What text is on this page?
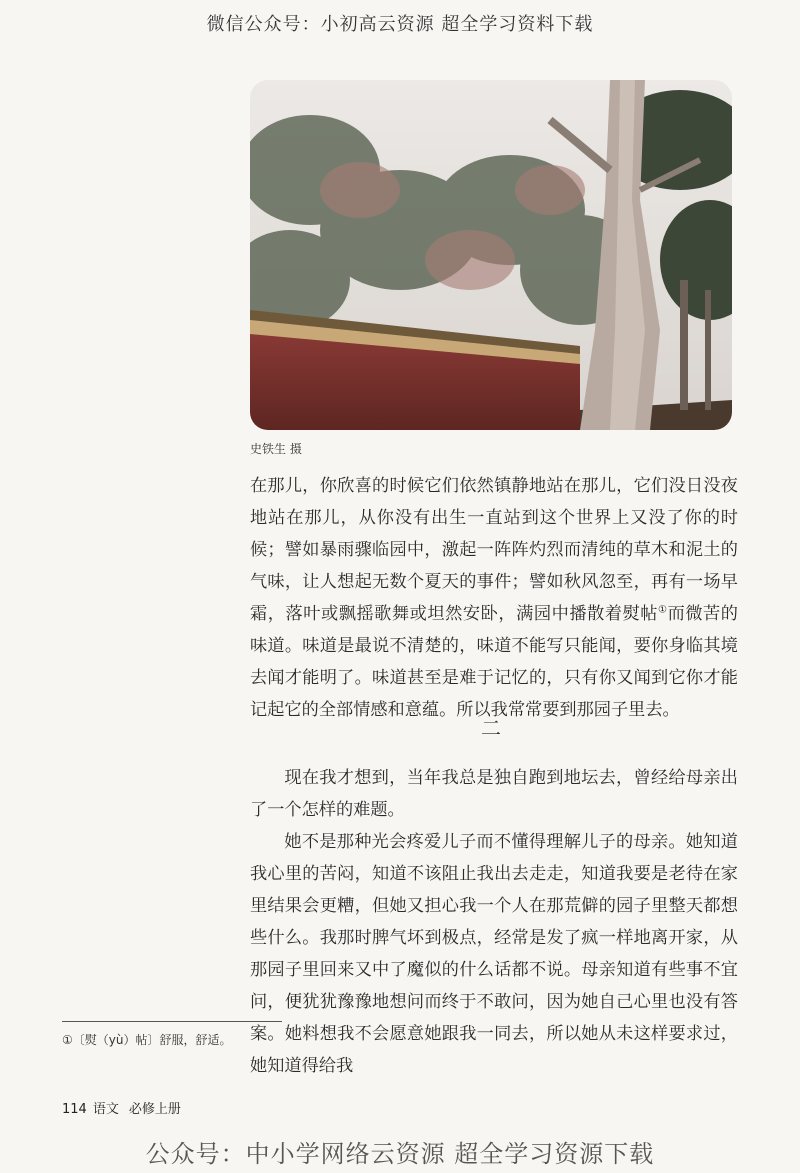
微信公众号：小初高云资源 超全学习资料下载
史铁生 摄

在那儿，你欣喜的时候它们依然镇静地站在那儿，它们没日没夜地站在那儿，从你没有出生一直站到这个世界上又没了你的时候；譬如暴雨骤临园中，激起一阵阵灼烈而清纯的草木和泥土的气味，让人想起无数个夏天的事件；譬如秋风忽至，再有一场早霜，落叶或飘摇歌舞或坦然安卧，满园中播散着熨帖①而微苦的味道。味道是最说不清楚的，味道不能写只能闻，要你身临其境去闻才能明了。味道甚至是难于记忆的，只有你又闻到它你才能记起它的全部情感和意蕴。所以我常常要到那园子里去。

二

现在我才想到，当年我总是独自跑到地坛去，曾经给母亲出了一个怎样的难题。

她不是那种光会疼爱儿子而不懂得理解儿子的母亲。她知道我心里的苦闷，知道不该阻止我出去走走，知道我要是老待在家里结果会更糟，但她又担心我一个人在那荒僻的园子里整天都想些什么。我那时脾气坏到极点，经常是发了疯一样地离开家，从那园子里回来又中了魔似的什么话都不说。母亲知道有些事不宜问，便犹犹豫豫地想问而终于不敢问，因为她自己心里也没有答案。她料想我不会愿意她跟我一同去，所以她从未这样要求过，她知道得给我

①〔熨（yù）帖〕舒服，舒适。
114 语文 必修上册
公众号：中小学网络云资源 超全学习资源下载
